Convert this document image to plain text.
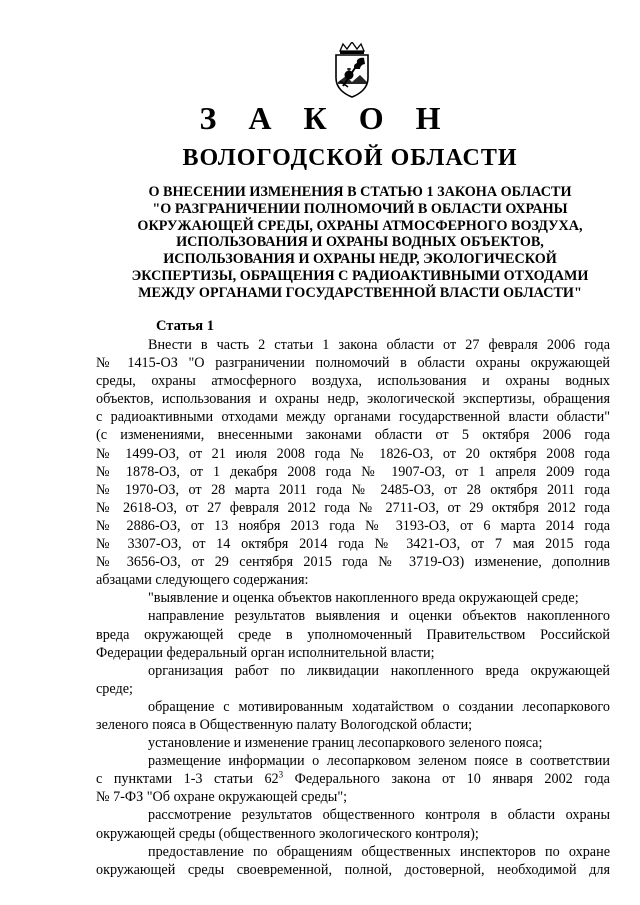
З А К О Н
ВОЛОГОДСКОЙ ОБЛАСТИ
О ВНЕСЕНИИ ИЗМЕНЕНИЯ В СТАТЬЮ 1 ЗАКОНА ОБЛАСТИ
"О РАЗГРАНИЧЕНИИ ПОЛНОМОЧИЙ В ОБЛАСТИ ОХРАНЫ
ОКРУЖАЮЩЕЙ СРЕДЫ, ОХРАНЫ АТМОСФЕРНОГО ВОЗДУХА,
ИСПОЛЬЗОВАНИЯ И ОХРАНЫ ВОДНЫХ ОБЪЕКТОВ,
ИСПОЛЬЗОВАНИЯ И ОХРАНЫ НЕДР, ЭКОЛОГИЧЕСКОЙ
ЭКСПЕРТИЗЫ, ОБРАЩЕНИЯ С РАДИОАКТИВНЫМИ ОТХОДАМИ
МЕЖДУ ОРГАНАМИ ГОСУДАРСТВЕННОЙ ВЛАСТИ ОБЛАСТИ"
Статья 1

Внести в часть 2 статьи 1 закона области от 27 февраля 2006 года
№ 1415-ОЗ "О разграничении полномочий в области охраны окружающей
среды, охраны атмосферного воздуха, использования и охраны водных
объектов, использования и охраны недр, экологической экспертизы, обращения
с радиоактивными отходами между органами государственной власти области"
(с изменениями, внесенными законами области от 5 октября 2006 года
№ 1499-ОЗ, от 21 июля 2008 года № 1826-ОЗ, от 20 октября 2008 года
№ 1878-ОЗ, от 1 декабря 2008 года № 1907-ОЗ, от 1 апреля 2009 года
№ 1970-ОЗ, от 28 марта 2011 года № 2485-ОЗ, от 28 октября 2011 года
№ 2618-ОЗ, от 27 февраля 2012 года № 2711-ОЗ, от 29 октября 2012 года
№ 2886-ОЗ, от 13 ноября 2013 года № 3193-ОЗ, от 6 марта 2014 года
№ 3307-ОЗ, от 14 октября 2014 года № 3421-ОЗ, от 7 мая 2015 года
№ 3656-ОЗ, от 29 сентября 2015 года № 3719-ОЗ) изменение, дополнив
абзацами следующего содержания:

"выявление и оценка объектов накопленного вреда окружающей среде;

направление результатов выявления и оценки объектов накопленного
вреда окружающей среде в уполномоченный Правительством Российской
Федерации федеральный орган исполнительной власти;

организация работ по ликвидации накопленного вреда окружающей
среде;

обращение с мотивированным ходатайством о создании лесопаркового
зеленого пояса в Общественную палату Вологодской области;

установление и изменение границ лесопаркового зеленого пояса;

размещение информации о лесопарковом зеленом поясе в соответствии
с пунктами 1-3 статьи $62^3$ Федерального закона от 10 января 2002 года
№ 7-ФЗ "Об охране окружающей среды";

рассмотрение результатов общественного контроля в области охраны
окружающей среды (общественного экологического контроля);

предоставление по обращениям общественных инспекторов по охране
окружающей среды своевременной, полной, достоверной, необходимой для
